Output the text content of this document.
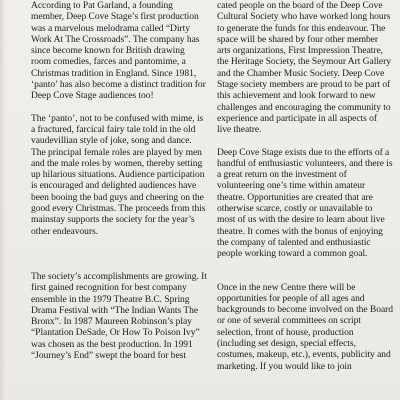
According to Pat Garland, a founding member, Deep Cove Stage’s first production was a marvelous melodrama called “Dirty Work At The Crossroads”. The company has since become known for British drawing room comedies, farces and pantomime, a Christmas tradition in England. Since 1981, ‘panto’ has also become a distinct tradition for Deep Cove Stage audiences too!

The ‘panto’, not to be confused with mime, is a fractured, farcical fairy tale told in the old vaudevillian style of joke, song and dance. The principal female roles are played by men and the male roles by women, thereby setting up hilarious situations. Audience participation is encouraged and delighted audiences have been booing the bad guys and cheering on the good every Christmas. The proceeds from this mainstay supports the society for the year’s other endeavours.

The society’s accomplishments are growing. It first gained recognition for best company ensemble in the 1979 Theatre B.C. Spring Drama Festival with “The Indian Wants The Bronx”. In 1987 Maureen Robinson’s play “Plantation DeSade, Or How To Poison Ivy” was chosen as the best production. In 1991 “Journey’s End” swept the board for best

cated people on the board of the Deep Cove Cultural Society who have worked long hours to generate the funds for this endeavour. The space will be shared by four other member arts organizations, First Impression Theatre, the Heritage Society, the Seymour Art Gallery and the Chamber Music Society. Deep Cove Stage society members are proud to be part of this achievement and look forward to new challenges and encouraging the community to experience and participate in all aspects of live theatre.

Deep Cove Stage exists due to the efforts of a handful of enthusiastic volunteers, and there is a great return on the investment of volunteering one’s time within amateur theatre. Opportunities are created that are otherwise scarce, costly or unavailable to most of us with the desire to learn about live theatre. It comes with the bonus of enjoying the company of talented and enthusiastic people working toward a common goal.

Once in the new Centre there will be opportunities for people of all ages and backgrounds to become involved on the Board or one of several committees on script selection, front of house, production (including set design, special effects, costumes, makeup, etc.), events, publicity and marketing. If you would like to join
